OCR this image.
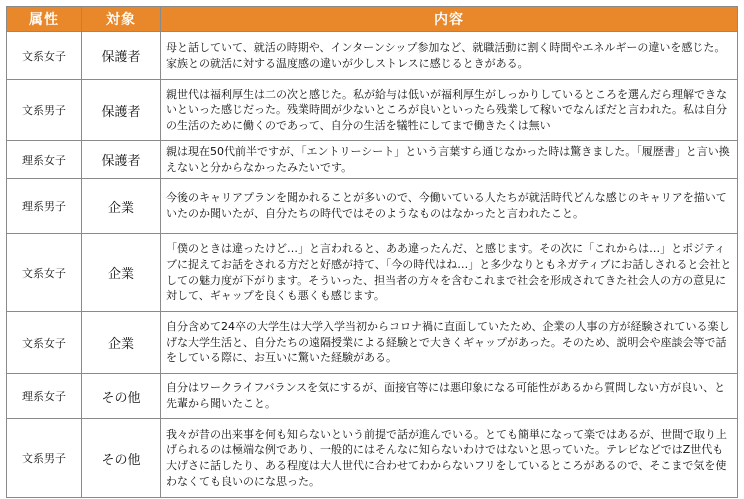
属性	対象	内容
文系女子	保護者	母と話していて、就活の時期や、インターンシップ参加など、就職活動に割く時間やエネルギーの違いを感じた。家族との就活に対する温度感の違いが少しストレスに感じるときがある。
文系男子	保護者	親世代は福利厚生は二の次と感じた。私が給与は低いが福利厚生がしっかりしているところを選んだら理解できないといった感じだった。残業時間が少ないところが良いといったら残業して稼いでなんぼだと言われた。私は自分の生活のために働くのであって、自分の生活を犠牲にしてまで働きたくは無い
理系女子	保護者	親は現在50代前半ですが、「エントリーシート」という言葉すら通じなかった時は驚きました。「履歴書」と言い換えないと分からなかったみたいです。
理系男子	企業	今後のキャリアプランを聞かれることが多いので、今働いている人たちが就活時代どんな感じのキャリアを描いていたのか聞いたが、自分たちの時代ではそのようなものはなかったと言われたこと。
文系女子	企業	「僕のときは違ったけど…」と言われると、ああ違ったんだ、と感じます。その次に「これからは…」とポジティブに捉えてお話をされる方だと好感が持て、「今の時代はね…」と多少なりともネガティブにお話しされると会社としての魅力度が下がります。そういった、担当者の方々を含むこれまで社会を形成されてきた社会人の方の意見に対して、ギャップを良くも悪くも感じます。
文系女子	企業	自分含めて24卒の大学生は大学入学当初からコロナ禍に直面していたため、企業の人事の方が経験されている楽しげな大学生活と、自分たちの遠隔授業による経験とで大きくギャップがあった。そのため、説明会や座談会等で話をしている際に、お互いに驚いた経験がある。
理系女子	その他	自分はワークライフバランスを気にするが、面接官等には悪印象になる可能性があるから質問しない方が良い、と先輩から聞いたこと。
文系男子	その他	我々が昔の出来事を何も知らないという前提で話が進んでいる。とても簡単になって楽ではあるが、世間で取り上げられるのは極端な例であり、一般的にはそんなに知らないわけではないと思っていた。テレビなどではZ世代も大げさに話したり、ある程度は大人世代に合わせてわからないフリをしているところがあるので、そこまで気を使わなくても良いのにな思った。
